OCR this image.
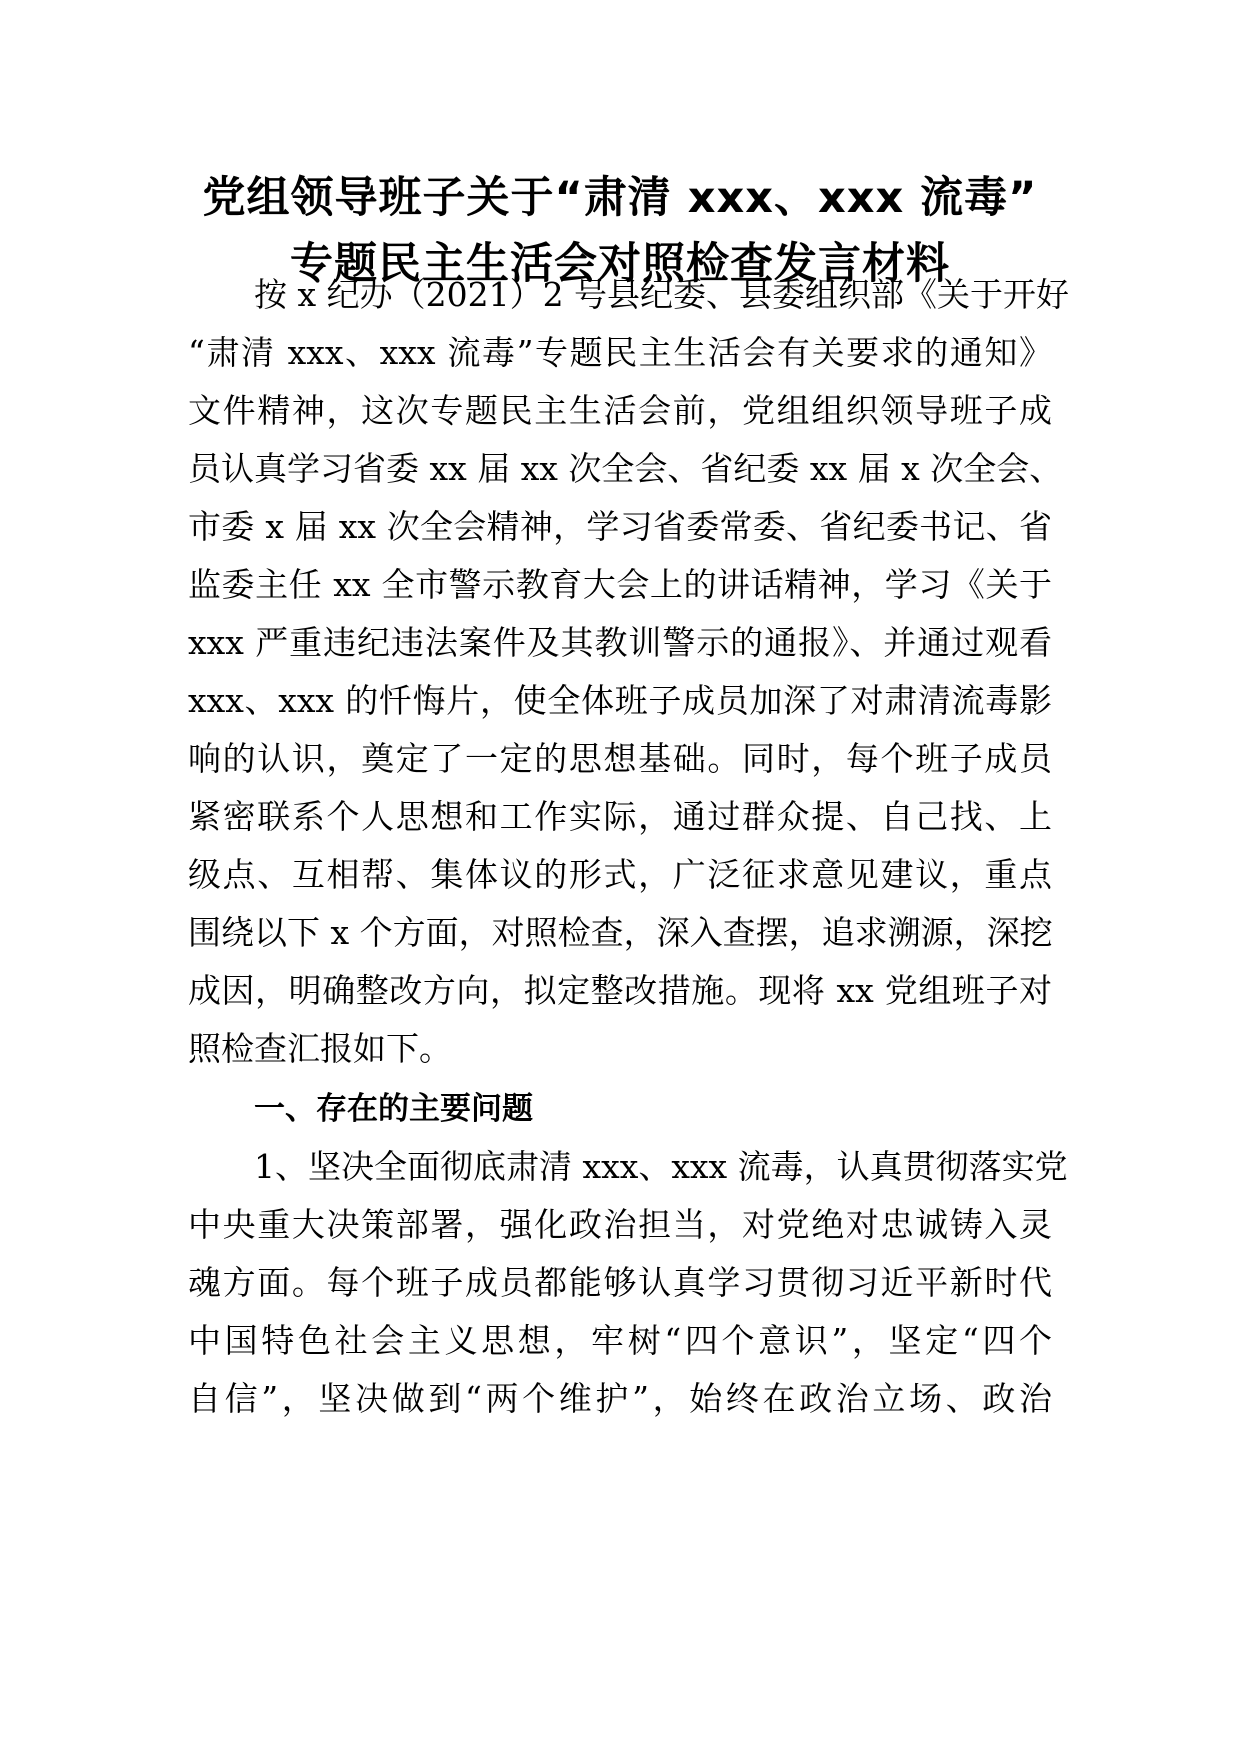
党组领导班子关于“肃清 xxx、xxx 流毒”
专题民主生活会对照检查发言材料
按 x 纪办（2021）2 号县纪委、县委组织部《关于开好
“肃清 xxx、xxx 流毒”专题民主生活会有关要求的通知》
文件精神，这次专题民主生活会前，党组组织领导班子成
员认真学习省委 xx 届 xx 次全会、省纪委 xx 届 x 次全会、
市委 x 届 xx 次全会精神，学习省委常委、省纪委书记、省
监委主任 xx 全市警示教育大会上的讲话精神，学习《关于
xxx 严重违纪违法案件及其教训警示的通报》、并通过观看
xxx、xxx 的忏悔片，使全体班子成员加深了对肃清流毒影
响的认识，奠定了一定的思想基础。同时，每个班子成员
紧密联系个人思想和工作实际，通过群众提、自己找、上
级点、互相帮、集体议的形式，广泛征求意见建议，重点
围绕以下 x 个方面，对照检查，深入查摆，追求溯源，深挖
成因，明确整改方向，拟定整改措施。现将 xx 党组班子对
照检查汇报如下。
一、存在的主要问题
1、坚决全面彻底肃清 xxx、xxx 流毒，认真贯彻落实党
中央重大决策部署，强化政治担当，对党绝对忠诚铸入灵
魂方面。每个班子成员都能够认真学习贯彻习近平新时代
中国特色社会主义思想，牢树“四个意识”，坚定“四个
自信”，坚决做到“两个维护”，始终在政治立场、政治
